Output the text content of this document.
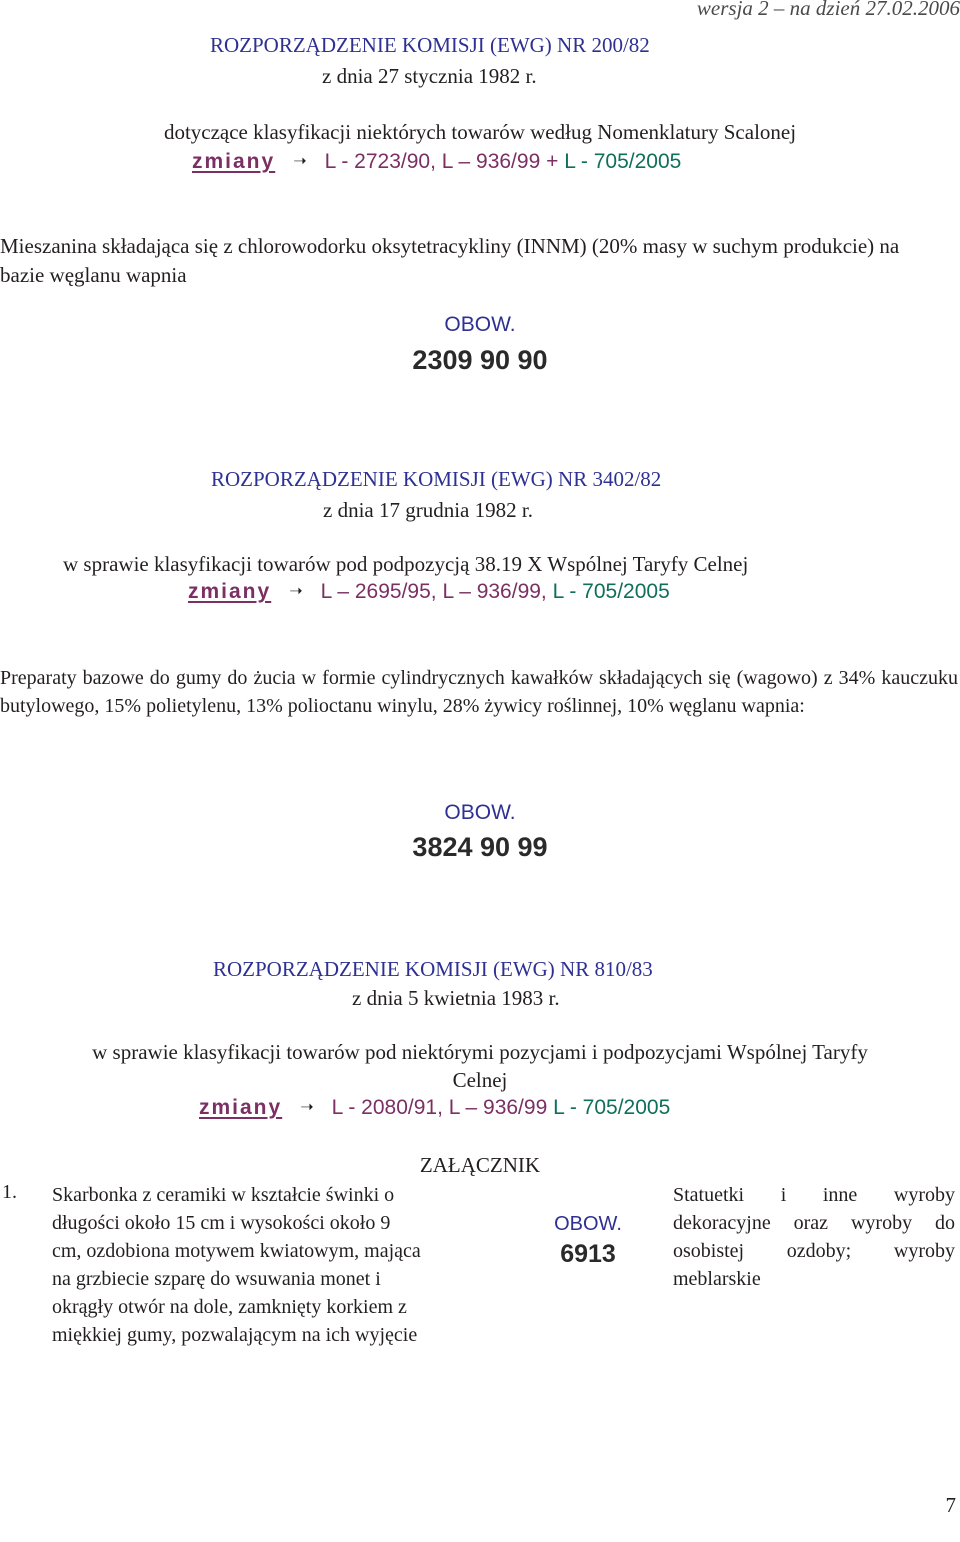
wersja 2 – na dzień 27.02.2006
ROZPORZĄDZENIE KOMISJI (EWG) NR 200/82
z dnia 27 stycznia 1982 r.
dotyczące klasyfikacji niektórych towarów według Nomenklatury Scalonej
zmiany ➝ L - 2723/90, L – 936/99 + L - 705/2005
Mieszanina składająca się z chlorowodorku oksytetracykliny (INNM) (20% masy w suchym produkcie) na bazie węglanu wapnia
OBOW.
2309 90 90
ROZPORZĄDZENIE KOMISJI (EWG) NR 3402/82
z dnia 17 grudnia 1982 r.
w sprawie klasyfikacji towarów pod podpozycją 38.19 X Wspólnej Taryfy Celnej
zmiany ➝ L – 2695/95, L – 936/99, L - 705/2005
Preparaty bazowe do gumy do żucia w formie cylindrycznych kawałków składających się (wagowo) z 34% kauczuku butylowego, 15% polietylenu, 13% polioctanu winylu, 28% żywicy roślinnej, 10% węglanu wapnia:
OBOW.
3824 90 99
ROZPORZĄDZENIE KOMISJI (EWG) NR 810/83
z dnia 5 kwietnia 1983 r.
w sprawie klasyfikacji towarów pod niektórymi pozycjami i podpozycjami Wspólnej Taryfy
Celnej
zmiany ➝ L - 2080/91, L – 936/99 L - 705/2005
ZAŁĄCZNIK
1. Skarbonka z ceramiki w kształcie świnki o
długości około 15 cm i wysokości około 9
cm, ozdobiona motywem kwiatowym, mająca
na grzbiecie szparę do wsuwania monet i
okrągły otwór na dole, zamknięty korkiem z
miękkiej gumy, pozwalającym na ich wyjęcie
OBOW.
6913
Statuetki i inne wyroby dekoracyjne oraz wyroby do osobistej ozdoby; wyroby meblarskie
7
